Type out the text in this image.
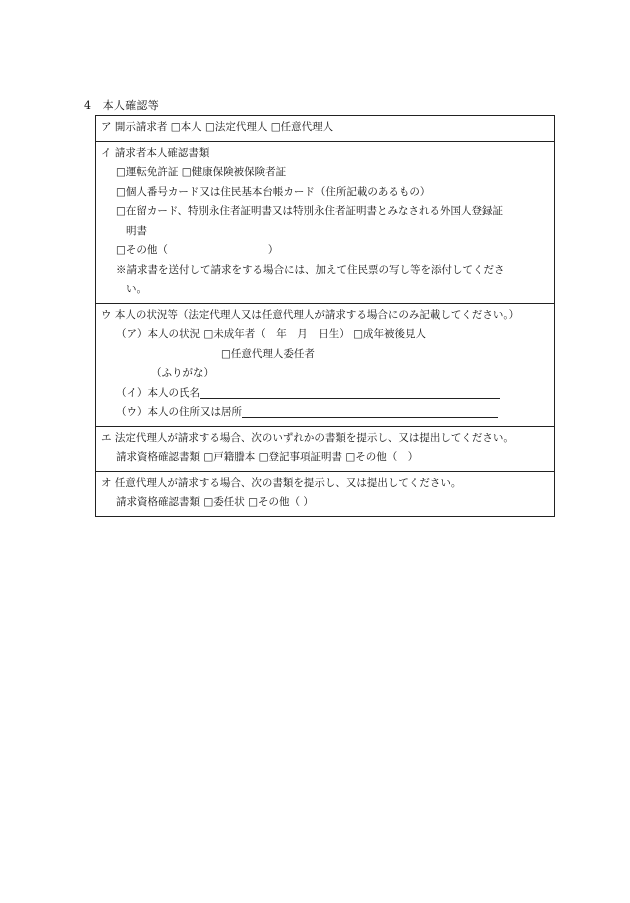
4　本人確認等
ア 開示請求者 □本人 □法定代理人 □任意代理人
イ 請求者本人確認書類
□運転免許証 □健康保険被保険者証
□個人番号カード又は住民基本台帳カード（住所記載のあるもの）
□在留カード、特別永住者証明書又は特別永住者証明書とみなされる外国人登録証
明書
□その他（	）
※請求書を送付して請求をする場合には、加えて住民票の写し等を添付してくださ
い。
ウ 本人の状況等（法定代理人又は任意代理人が請求する場合にのみ記載してください。）
（ア）本人の状況 □未成年者（　年　月　日生） □成年被後見人
□任意代理人委任者
（ふりがな）
（イ）本人の氏名
（ウ）本人の住所又は居所
エ 法定代理人が請求する場合、次のいずれかの書類を提示し、又は提出してください。
請求資格確認書類 □戸籍謄本 □登記事項証明書 □その他（　）
オ 任意代理人が請求する場合、次の書類を提示し、又は提出してください。
請求資格確認書類 □委任状 □その他（ ）
